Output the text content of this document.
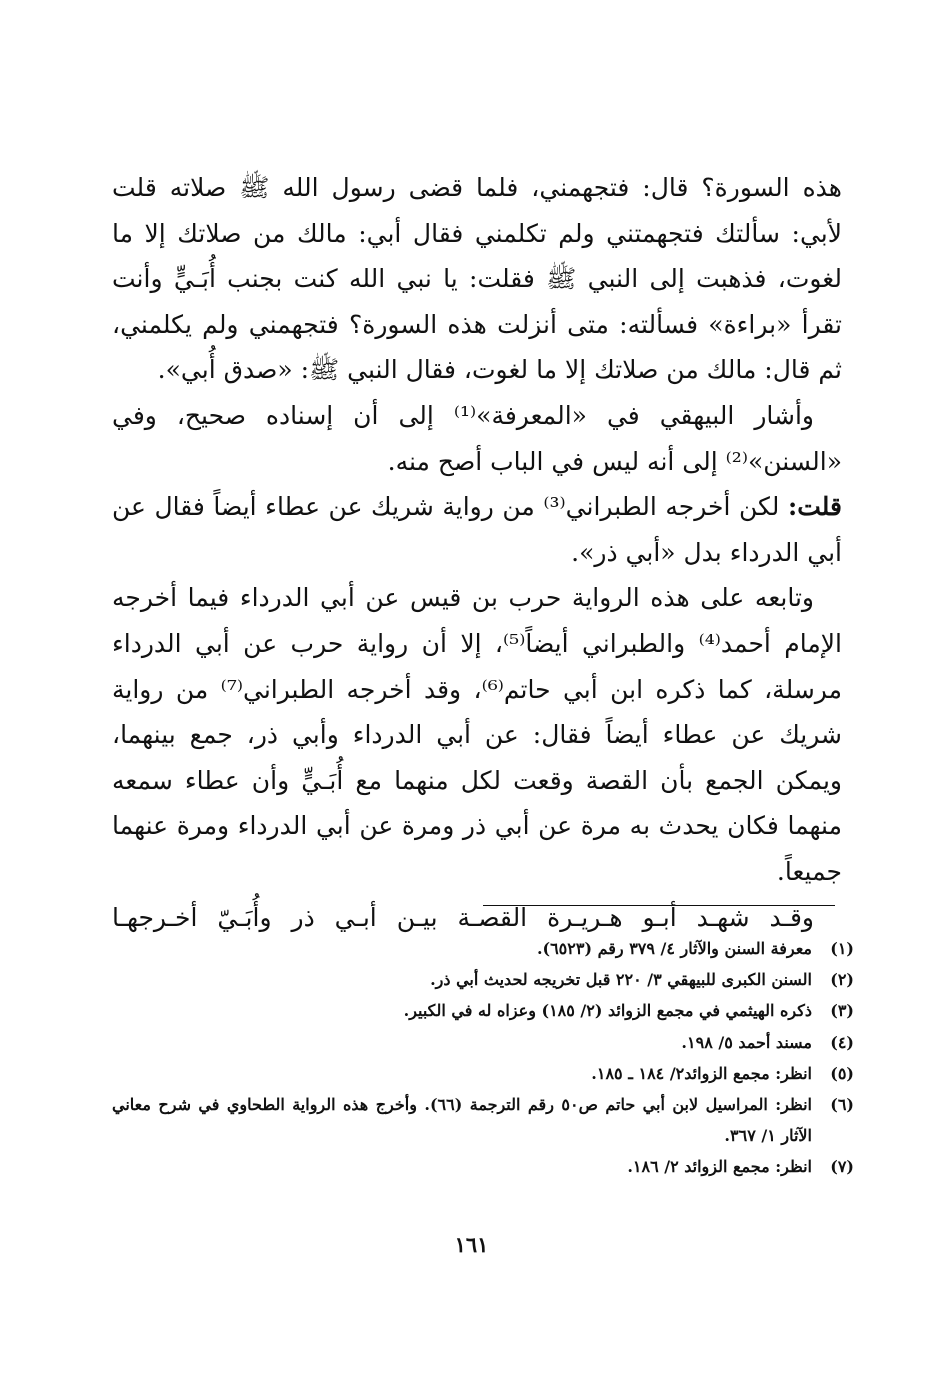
هذه السورة؟ قال: فتجهمني، فلما قضى رسول الله ﷺ صلاته قلت لأبي: سألتك فتجهمتني ولم تكلمني فقال أبي: مالك من صلاتك إلا ما لغوت، فذهبت إلى النبي ﷺ فقلت: يا نبي الله كنت بجنب أُبَـيٍّ وأنت تقرأ «براءة» فسألته: متى أنزلت هذه السورة؟ فتجهمني ولم يكلمني، ثم قال: مالك من صلاتك إلا ما لغوت، فقال النبي ﷺ: «صدق أُبي».

وأشار البيهقي في «المعرفة»⁽¹⁾ إلى أن إسناده صحيح، وفي «السنن»⁽²⁾ إلى أنه ليس في الباب أصح منه.

قلت: لكن أخرجه الطبراني⁽³⁾ من رواية شريك عن عطاء أيضاً فقال عن أبي الدرداء بدل «أبي ذر».

وتابعه على هذه الرواية حرب بن قيس عن أبي الدرداء فيما أخرجه الإمام أحمد⁽⁴⁾ والطبراني أيضاً⁽⁵⁾، إلا أن رواية حرب عن أبي الدرداء مرسلة، كما ذكره ابن أبي حاتم⁽⁶⁾، وقد أخرجه الطبراني⁽⁷⁾ من رواية شريك عن عطاء أيضاً فقال: عن أبي الدرداء وأبي ذر، جمع بينهما، ويمكن الجمع بأن القصة وقعت لكل منهما مع أُبَـيٍّ وأن عطاء سمعه منهما فكان يحدث به مرة عن أبي ذر ومرة عن أبي الدرداء ومرة عنهما جميعاً.

وقـد شهـد أبـو هـريـرة القصـة بيـن أبـي ذر وأُبَـيّ أخـرجهـا

(١)
معرفة السنن والآثار ٤/ ٣٧٩ رقم (٦٥٢٣).
(٢)
السنن الكبرى للبيهقي ٣/ ٢٢٠ قبل تخريجه لحديث أبي ذر.
(٣)
ذكره الهيثمي في مجمع الزوائد (٢/ ١٨٥) وعزاه له في الكبير.
(٤)
مسند أحمد ٥/ ١٩٨.
(٥)
انظر: مجمع الزوائد٢/ ١٨٤ ـ ١٨٥.
(٦)
انظر: المراسيل لابن أبي حاتم ص٥٠ رقم الترجمة (٦٦). وأخرج هذه الرواية الطحاوي في شرح معاني الآثار ١/ ٣٦٧.
(٧)
انظر: مجمع الزوائد ٢/ ١٨٦.
١٦١
